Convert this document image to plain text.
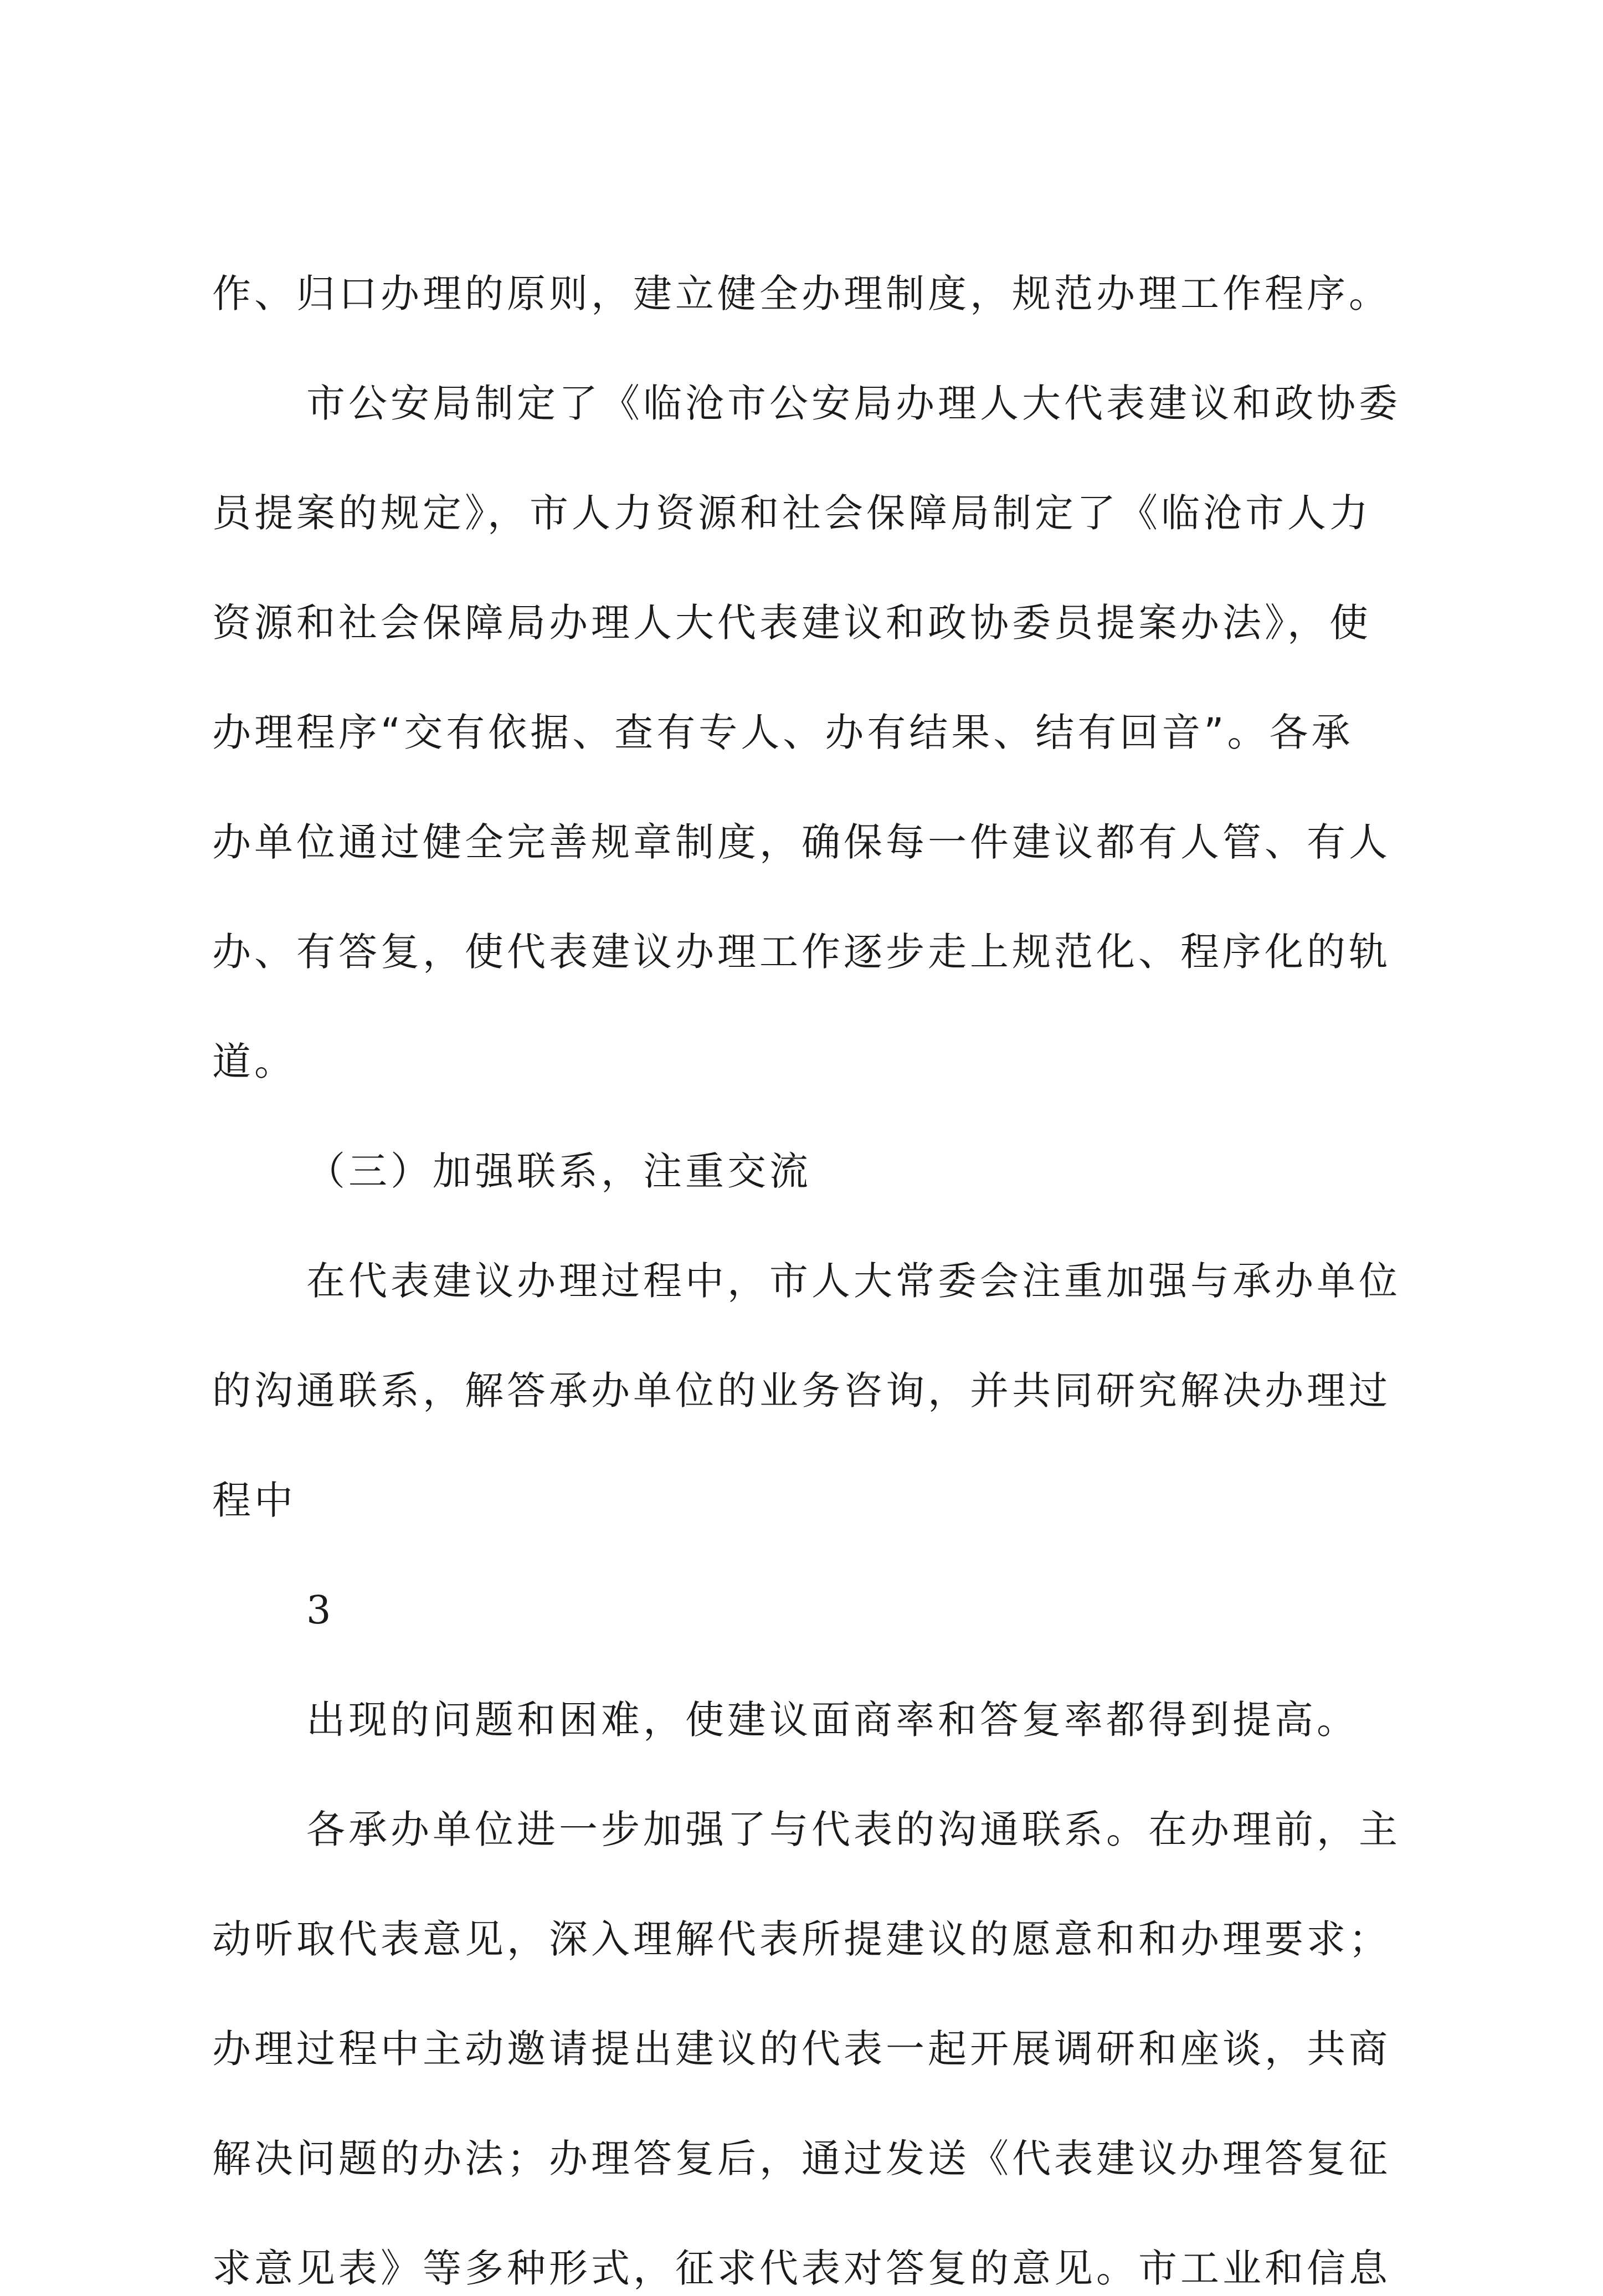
作、归口办理的原则，建立健全办理制度，规范办理工作程序。
市公安局制定了《临沧市公安局办理人大代表建议和政协委
员提案的规定》，市人力资源和社会保障局制定了《临沧市人力
资源和社会保障局办理人大代表建议和政协委员提案办法》，使
办理程序“交有依据、查有专人、办有结果、结有回音”。各承
办单位通过健全完善规章制度，确保每一件建议都有人管、有人
办、有答复，使代表建议办理工作逐步走上规范化、程序化的轨
道。
（三）加强联系，注重交流
在代表建议办理过程中，市人大常委会注重加强与承办单位
的沟通联系，解答承办单位的业务咨询，并共同研究解决办理过
程中
3
出现的问题和困难，使建议面商率和答复率都得到提高。
各承办单位进一步加强了与代表的沟通联系。在办理前，主
动听取代表意见，深入理解代表所提建议的愿意和和办理要求；
办理过程中主动邀请提出建议的代表一起开展调研和座谈，共商
解决问题的办法；办理答复后，通过发送《代表建议办理答复征
求意见表》等多种形式，征求代表对答复的意见。市工业和信息
